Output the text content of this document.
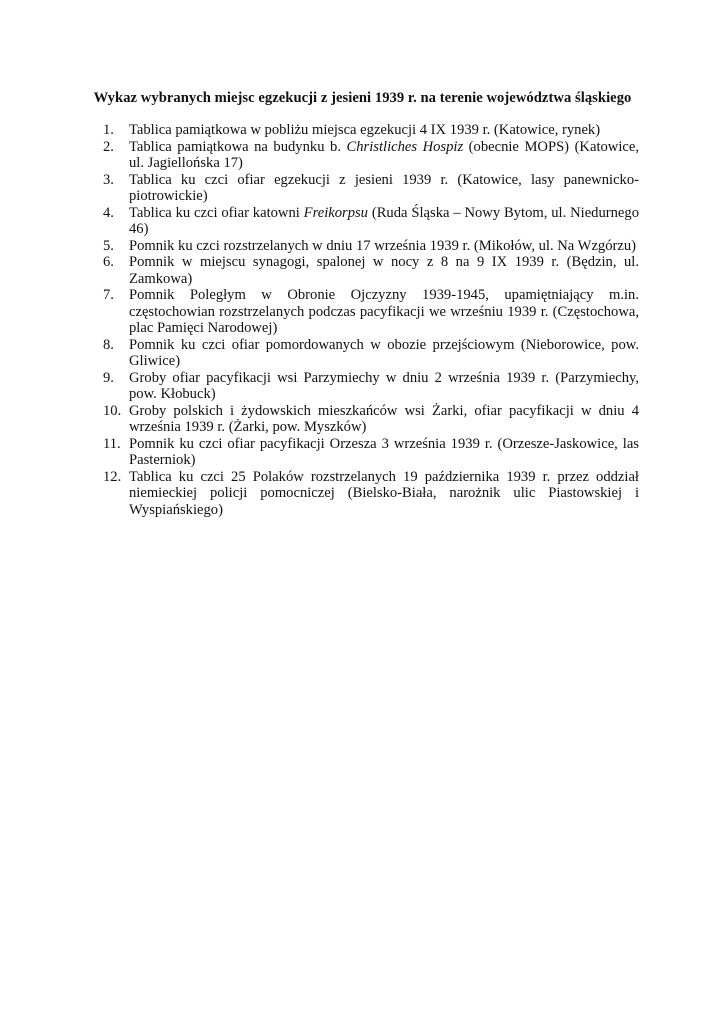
Wykaz wybranych miejsc egzekucji z jesieni 1939 r. na terenie województwa śląskiego
1.	Tablica pamiątkowa w pobliżu miejsca egzekucji 4 IX 1939 r. (Katowice, rynek)
2.	Tablica pamiątkowa na budynku b. Christliches Hospiz (obecnie MOPS) (Katowice, ul. Jagiellońska 17)
3.	Tablica ku czci ofiar egzekucji z jesieni 1939 r. (Katowice, lasy panewnicko-piotrowickie)
4.	Tablica ku czci ofiar katowni Freikorpsu (Ruda Śląska – Nowy Bytom, ul. Niedurnego 46)
5.	Pomnik ku czci rozstrzelanych w dniu 17 września 1939 r. (Mikołów, ul. Na Wzgórzu)
6.	Pomnik w miejscu synagogi, spalonej w nocy z 8 na 9 IX 1939 r. (Będzin, ul. Zamkowa)
7.	Pomnik Poległym w Obronie Ojczyzny 1939-1945, upamiętniający m.in. częstochowian rozstrzelanych podczas pacyfikacji we wrześniu 1939 r. (Częstochowa, plac Pamięci Narodowej)
8.	Pomnik ku czci ofiar pomordowanych w obozie przejściowym (Nieborowice, pow. Gliwice)
9.	Groby ofiar pacyfikacji wsi Parzymiechy w dniu 2 września 1939 r. (Parzymiechy, pow. Kłobuck)
10. Groby polskich i żydowskich mieszkańców wsi Żarki, ofiar pacyfikacji w dniu 4 września 1939 r. (Żarki, pow. Myszków)
11. Pomnik ku czci ofiar pacyfikacji Orzesza 3 września 1939 r. (Orzesze-Jaskowice, las Pasterniok)
12. Tablica ku czci 25 Polaków rozstrzelanych 19 października 1939 r. przez oddział niemieckiej policji pomocniczej (Bielsko-Biała, narożnik ulic Piastowskiej i Wyspiańskiego)
